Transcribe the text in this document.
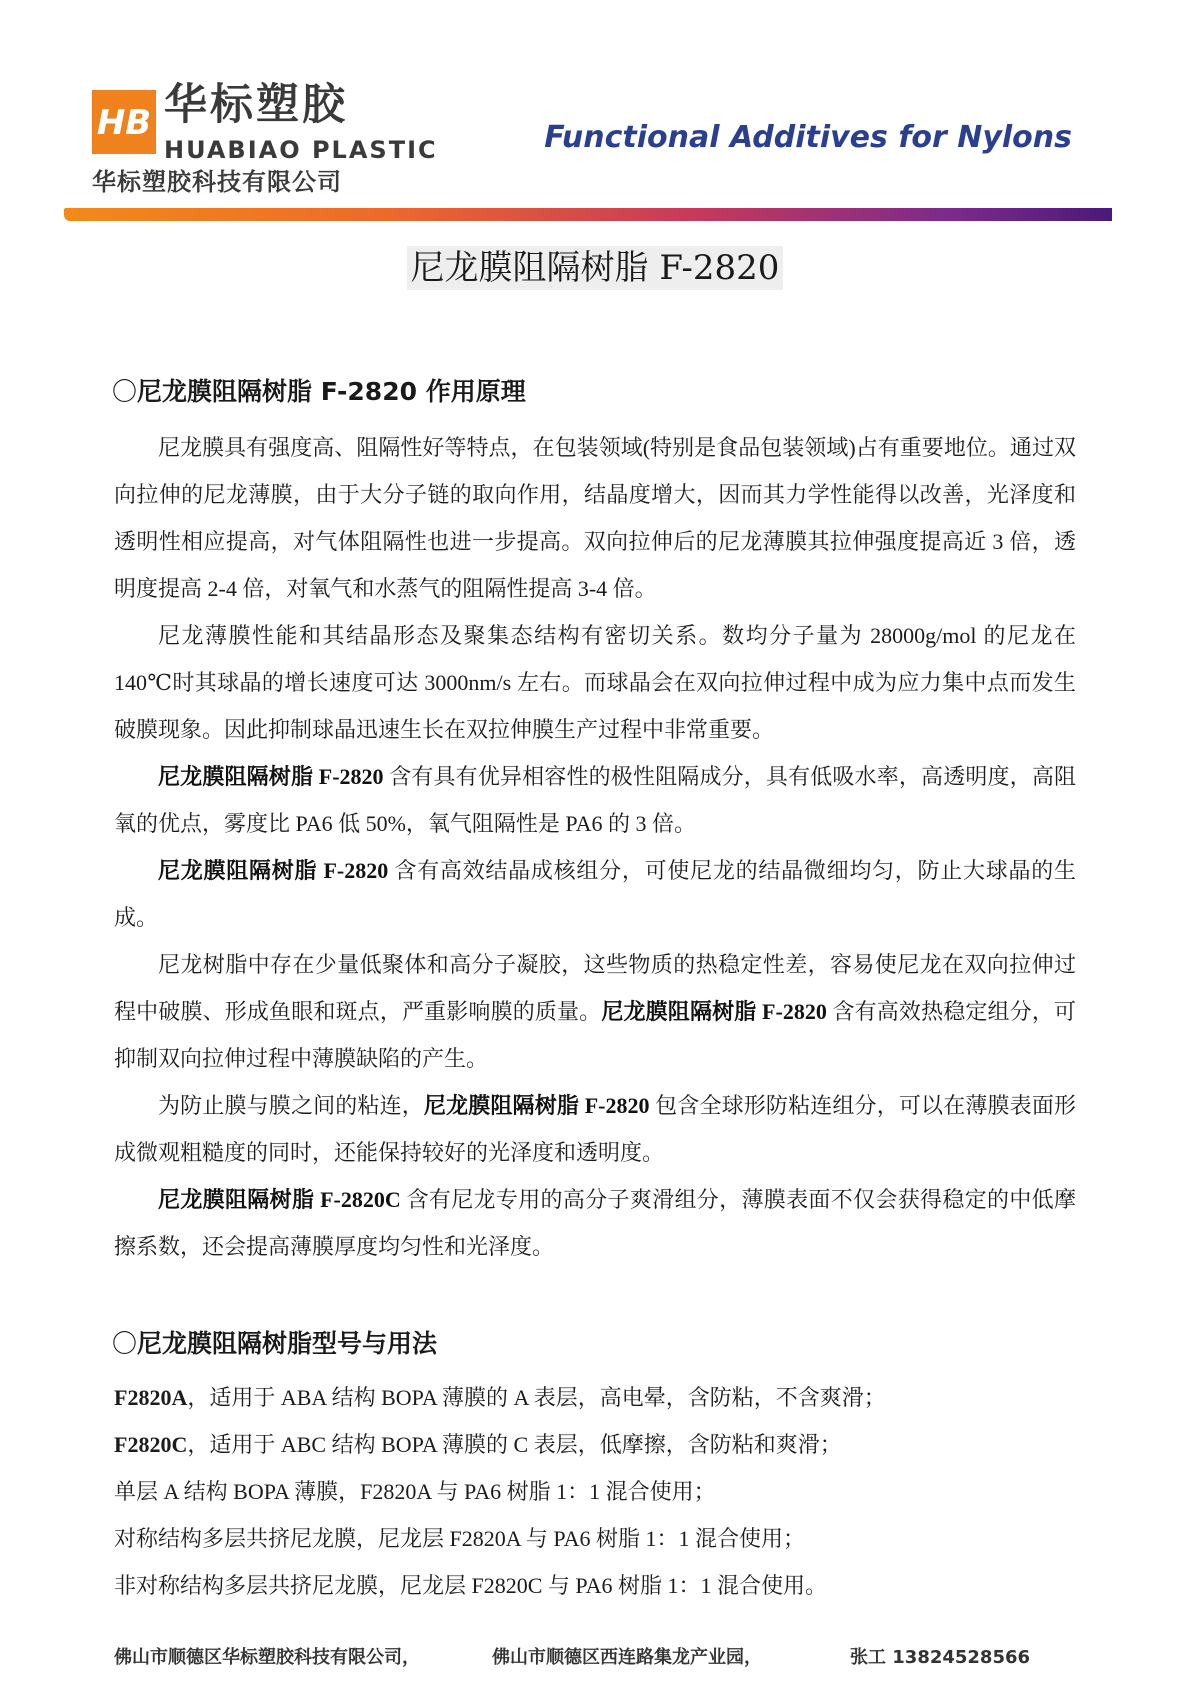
HB 华标塑胶
HUABIAO PLASTIC
华标塑胶科技有限公司
Functional Additives for Nylons
尼龙膜阻隔树脂 F-2820
〇尼龙膜阻隔树脂 F-2820 作用原理

尼龙膜具有强度高、阻隔性好等特点，在包装领域(特别是食品包装领域)占有重要地位。通过双向拉伸的尼龙薄膜，由于大分子链的取向作用，结晶度增大，因而其力学性能得以改善，光泽度和透明性相应提高，对气体阻隔性也进一步提高。双向拉伸后的尼龙薄膜其拉伸强度提高近 3 倍，透明度提高 2-4 倍，对氧气和水蒸气的阻隔性提高 3-4 倍。

尼龙薄膜性能和其结晶形态及聚集态结构有密切关系。数均分子量为 28000g/mol 的尼龙在 140℃时其球晶的增长速度可达 3000nm/s 左右。而球晶会在双向拉伸过程中成为应力集中点而发生破膜现象。因此抑制球晶迅速生长在双拉伸膜生产过程中非常重要。

尼龙膜阻隔树脂 F-2820 含有具有优异相容性的极性阻隔成分，具有低吸水率，高透明度，高阻氧的优点，雾度比 PA6 低 50%，氧气阻隔性是 PA6 的 3 倍。

尼龙膜阻隔树脂 F-2820 含有高效结晶成核组分，可使尼龙的结晶微细均匀，防止大球晶的生成。

尼龙树脂中存在少量低聚体和高分子凝胶，这些物质的热稳定性差，容易使尼龙在双向拉伸过程中破膜、形成鱼眼和斑点，严重影响膜的质量。尼龙膜阻隔树脂 F-2820 含有高效热稳定组分，可抑制双向拉伸过程中薄膜缺陷的产生。

为防止膜与膜之间的粘连，尼龙膜阻隔树脂 F-2820 包含全球形防粘连组分，可以在薄膜表面形成微观粗糙度的同时，还能保持较好的光泽度和透明度。

尼龙膜阻隔树脂 F-2820C 含有尼龙专用的高分子爽滑组分，薄膜表面不仅会获得稳定的中低摩擦系数，还会提高薄膜厚度均匀性和光泽度。

〇尼龙膜阻隔树脂型号与用法

F2820A，适用于 ABA 结构 BOPA 薄膜的 A 表层，高电晕，含防粘，不含爽滑；

F2820C，适用于 ABC 结构 BOPA 薄膜的 C 表层，低摩擦，含防粘和爽滑；

单层 A 结构 BOPA 薄膜，F2820A 与 PA6 树脂 1：1 混合使用；

对称结构多层共挤尼龙膜，尼龙层 F2820A 与 PA6 树脂 1：1 混合使用；

非对称结构多层共挤尼龙膜，尼龙层 F2820C 与 PA6 树脂 1：1 混合使用。

佛山市顺德区华标塑胶科技有限公司，	佛山市顺德区西连路集龙产业园，	张工 13824528566
